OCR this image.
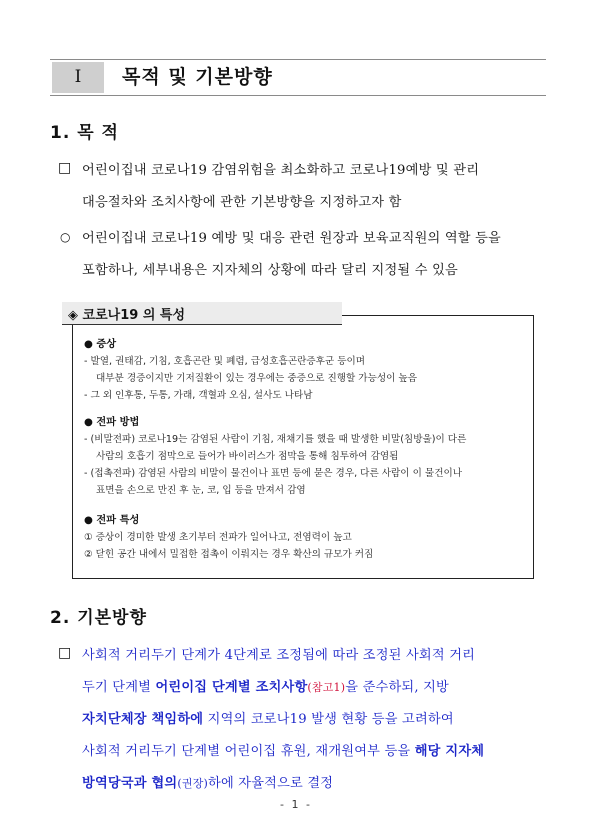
I	목적 및 기본방향
1. 목 적
□ 어린이집내 코로나19 감염위험을 최소화하고 코로나19예방 및 관리
대응절차와 조치사항에 관한 기본방향을 지정하고자 함
○ 어린이집내 코로나19 예방 및 대응 관련 원장과 보육교직원의 역할 등을
포함하나, 세부내용은 지자체의 상황에 따라 달리 지정될 수 있음
◈ 코로나19 의 특성
● 증상
- 발열, 권태감, 기침, 호흡곤란 및 폐렴, 급성호흡곤란증후군 등이며
대부분 경증이지만 기저질환이 있는 경우에는 중증으로 진행할 가능성이 높음
- 그 외 인후통, 두통, 가래, 객혈과 오심, 설사도 나타남
● 전파 방법
- (비말전파) 코로나19는 감염된 사람이 기침, 재채기를 했을 때 발생한 비말(침방울)이 다른
사람의 호흡기 점막으로 들어가 바이러스가 점막을 통해 침투하여 감염됨
- (접촉전파) 감염된 사람의 비말이 물건이나 표면 등에 묻은 경우, 다른 사람이 이 물건이나
표면을 손으로 만진 후 눈, 코, 입 등을 만져서 감염
● 전파 특성
① 증상이 경미한 발생 초기부터 전파가 일어나고, 전염력이 높고
② 닫힌 공간 내에서 밀접한 접촉이 이뤄지는 경우 확산의 규모가 커짐
2. 기본방향
□ 사회적 거리두기 단계가 4단계로 조정됨에 따라 조정된 사회적 거리
두기 단계별 어린이집 단계별 조치사항(참고1)을 준수하되, 지방
자치단체장 책임하에 지역의 코로나19 발생 현황 등을 고려하여
사회적 거리두기 단계별 어린이집 휴원, 재개원여부 등을 해당 지자체
방역당국과 협의(권장)하에 자율적으로 결정
- 1 -
